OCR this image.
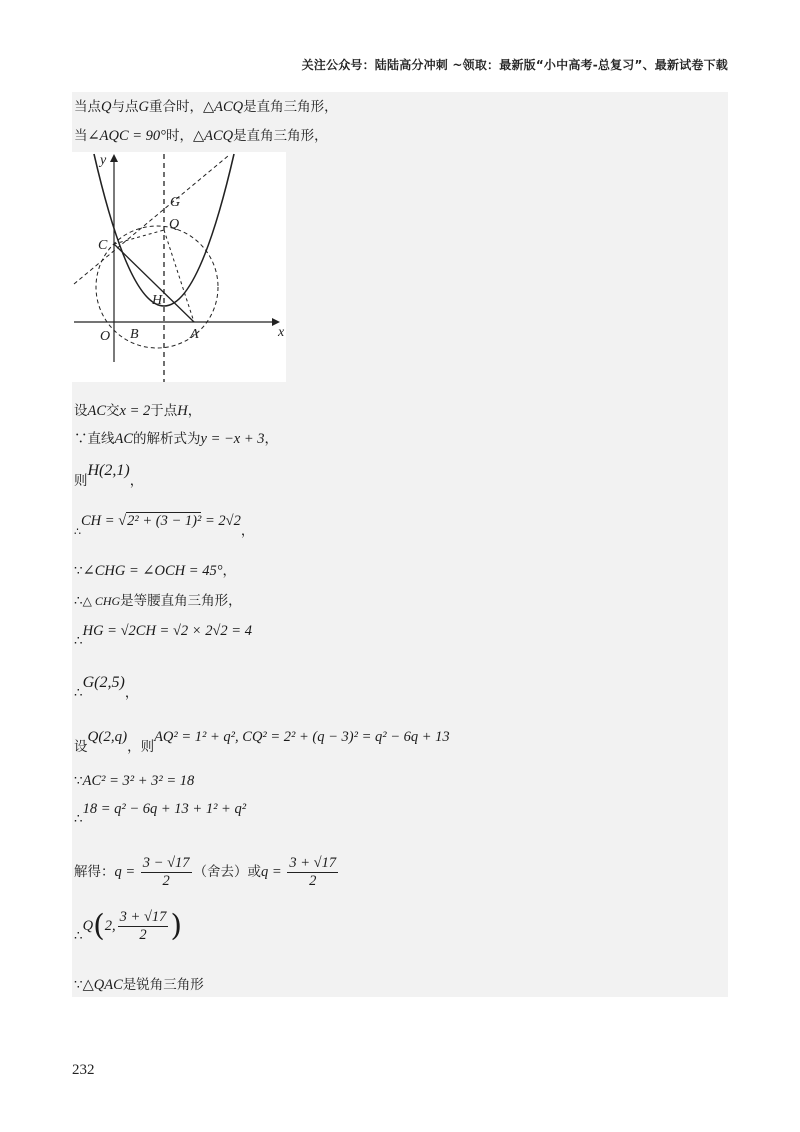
关注公众号：陆陆高分冲刺 ~领取：最新版“小中高考-总复习”、最新试卷下载
当点Q与点G重合时，△ACQ是直角三角形，
当∠AQC = 90°时，△ACQ是直角三角形，
y
x
O B	A
C
G
Q
H
设AC交x = 2于点H，
∵直线AC的解析式为y = −x + 3，
则H(2,1)，
$_\therefore$CH = √2² + (3 − 1)² = 2√2，
∵∠CHG = ∠OCH = 45°，
∴△ CHG是等腰直角三角形，
∴HG = √2CH = √2 × 2√2 = 4
∴G(2,5)，
设Q(2,q)，则AQ² = 1² + q², CQ² = 2² + (q − 3)² = q² − 6q + 13
∵AC² = 3² + 3² = 18
∴18 = q² − 6q + 13 + 1² + q²
解得：$q = \frac{3 - √17}{2}$ （舍去）或$q = \frac{3 + √17}{2}$
∴Q(2, $\frac{3 + √17}{2}$ )
∵△QAC是锐角三角形
232
